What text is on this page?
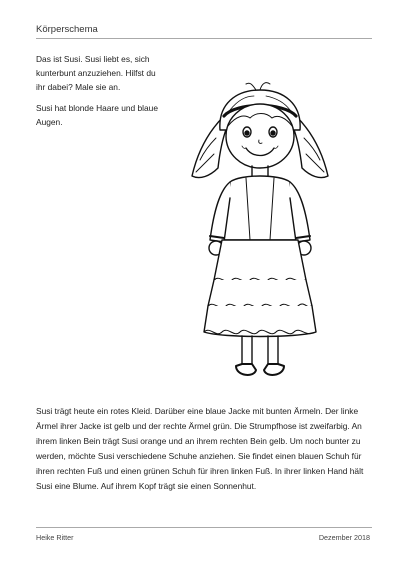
Körperschema

Das ist Susi. Susi liebt es, sich kunterbunt anzuziehen. Hilfst du ihr dabei? Male sie an.

Susi hat blonde Haare und blaue Augen.

Susi trägt heute ein rotes Kleid. Darüber eine blaue Jacke mit bunten Ärmeln. Der linke Ärmel ihrer Jacke ist gelb und der rechte Ärmel grün. Die Strumpfhose ist zweifarbig. An ihrem linken Bein trägt Susi orange und an ihrem rechten Bein gelb. Um noch bunter zu werden, möchte Susi verschiedene Schuhe anziehen. Sie findet einen blauen Schuh für ihren rechten Fuß und einen grünen Schuh für ihren linken Fuß. In ihrer linken Hand hält Susi eine Blume. Auf ihrem Kopf trägt sie einen Sonnenhut.
Heike Ritter	Dezember 2018
